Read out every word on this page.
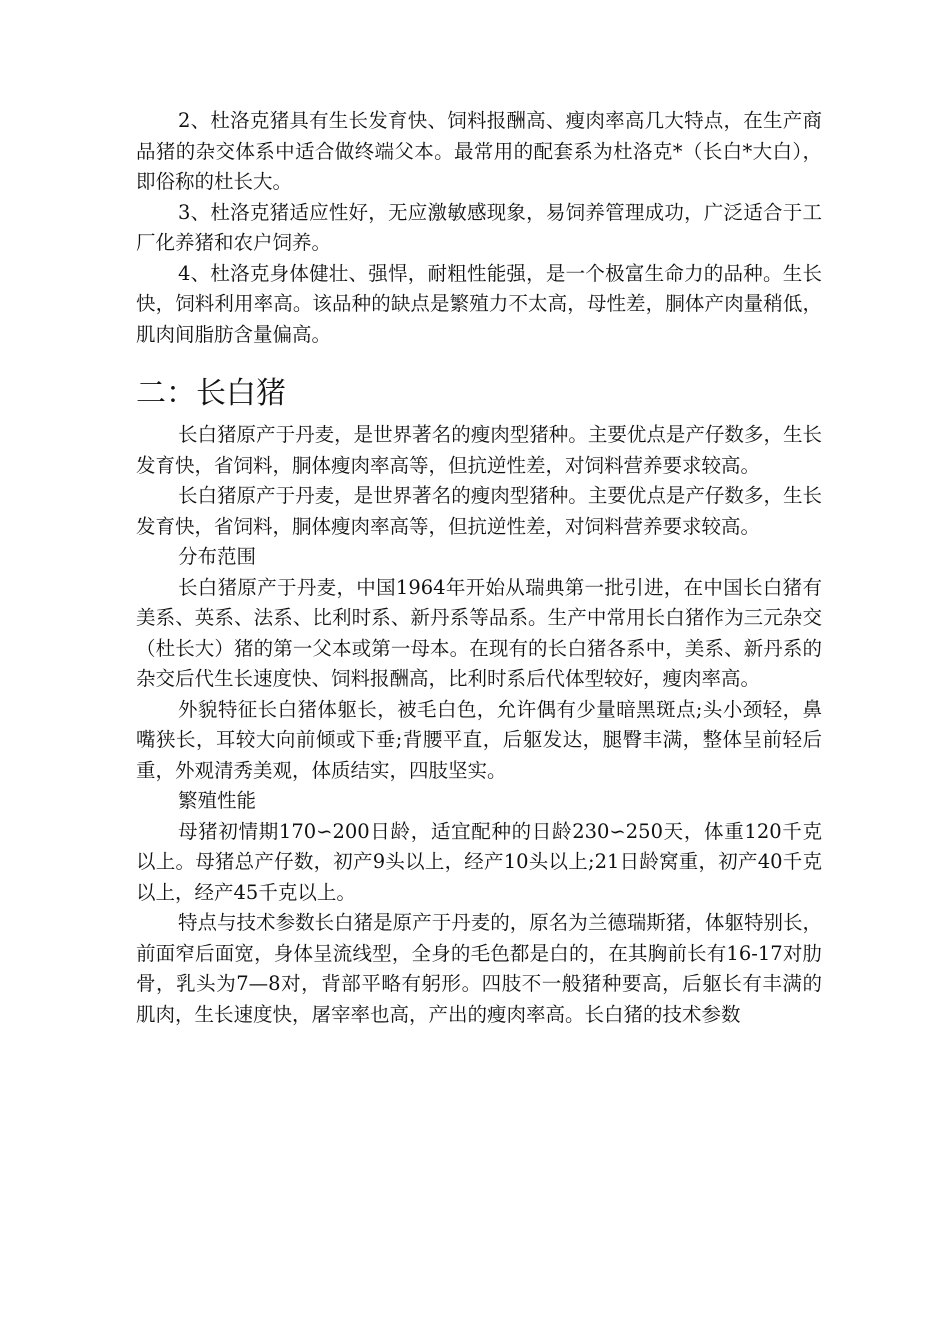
2、杜洛克猪具有生长发育快、饲料报酬高、瘦肉率高几大特点，在生产商品猪的杂交体系中适合做终端父本。最常用的配套系为杜洛克*（长白*大白），即俗称的杜长大。

3、杜洛克猪适应性好，无应激敏感现象，易饲养管理成功，广泛适合于工厂化养猪和农户饲养。

4、杜洛克身体健壮、强悍，耐粗性能强，是一个极富生命力的品种。生长快，饲料利用率高。该品种的缺点是繁殖力不太高，母性差，胴体产肉量稍低，肌肉间脂肪含量偏高。

二：长白猪

长白猪原产于丹麦，是世界著名的瘦肉型猪种。主要优点是产仔数多，生长发育快，省饲料，胴体瘦肉率高等，但抗逆性差，对饲料营养要求较高。

长白猪原产于丹麦，是世界著名的瘦肉型猪种。主要优点是产仔数多，生长发育快，省饲料，胴体瘦肉率高等，但抗逆性差，对饲料营养要求较高。

分布范围

长白猪原产于丹麦，中国1964年开始从瑞典第一批引进，在中国长白猪有美系、英系、法系、比利时系、新丹系等品系。生产中常用长白猪作为三元杂交（杜长大）猪的第一父本或第一母本。在现有的长白猪各系中，美系、新丹系的杂交后代生长速度快、饲料报酬高，比利时系后代体型较好，瘦肉率高。

外貌特征长白猪体躯长，被毛白色，允许偶有少量暗黑斑点;头小颈轻，鼻嘴狭长，耳较大向前倾或下垂;背腰平直，后躯发达，腿臀丰满，整体呈前轻后重，外观清秀美观，体质结实，四肢坚实。

繁殖性能

母猪初情期170∽200日龄，适宜配种的日龄230∽250天，体重120千克以上。母猪总产仔数，初产9头以上，经产10头以上;21日龄窝重，初产40千克以上，经产45千克以上。

特点与技术参数长白猪是原产于丹麦的，原名为兰德瑞斯猪，体躯特别长，前面窄后面宽，身体呈流线型，全身的毛色都是白的，在其胸前长有16-17对肋骨，乳头为7—8对，背部平略有躬形。四肢不一般猪种要高，后躯长有丰满的肌肉，生长速度快，屠宰率也高，产出的瘦肉率高。长白猪的技术参数
